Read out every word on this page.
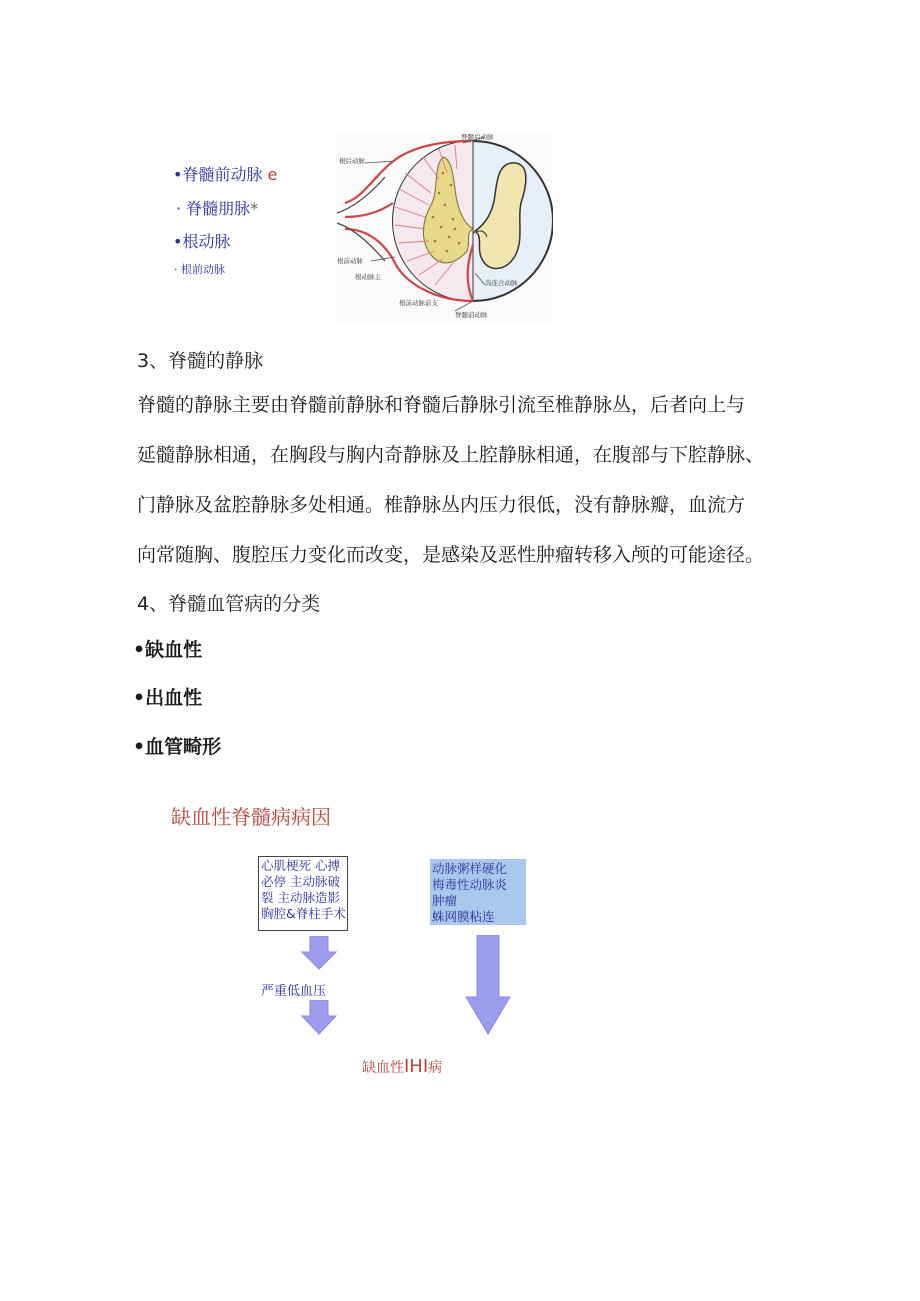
•脊髓前动脉 e
· 脊髓朋脉*
•根动脉
· 根前动脉
脊髓后动脉
根后动脉
根动脉主
根前动脉
沟连合动脉
根前动脉前支
脊髓前动脉
3、脊髓的静脉
脊髓的静脉主要由脊髓前静脉和脊髓后静脉引流至椎静脉丛，后者向上与
延髓静脉相通，在胸段与胸内奇静脉及上腔静脉相通，在腹部与下腔静脉、
门静脉及盆腔静脉多处相通。椎静脉丛内压力很低，没有静脉瓣，血流方
向常随胸、腹腔压力变化而改变，是感染及恶性肿瘤转移入颅的可能途径。
4、脊髓血管病的分类
•缺血性
•出血性
•血管畸形
缺血性脊髓病病因
心肌梗死 心搏
必停 主动脉破
裂 主动脉造影
胸腔&脊柱手术
动脉粥样硬化
梅毒性动脉炎
肿瘤
蛛网膜粘连
严重低血压
缺血性IHI病
